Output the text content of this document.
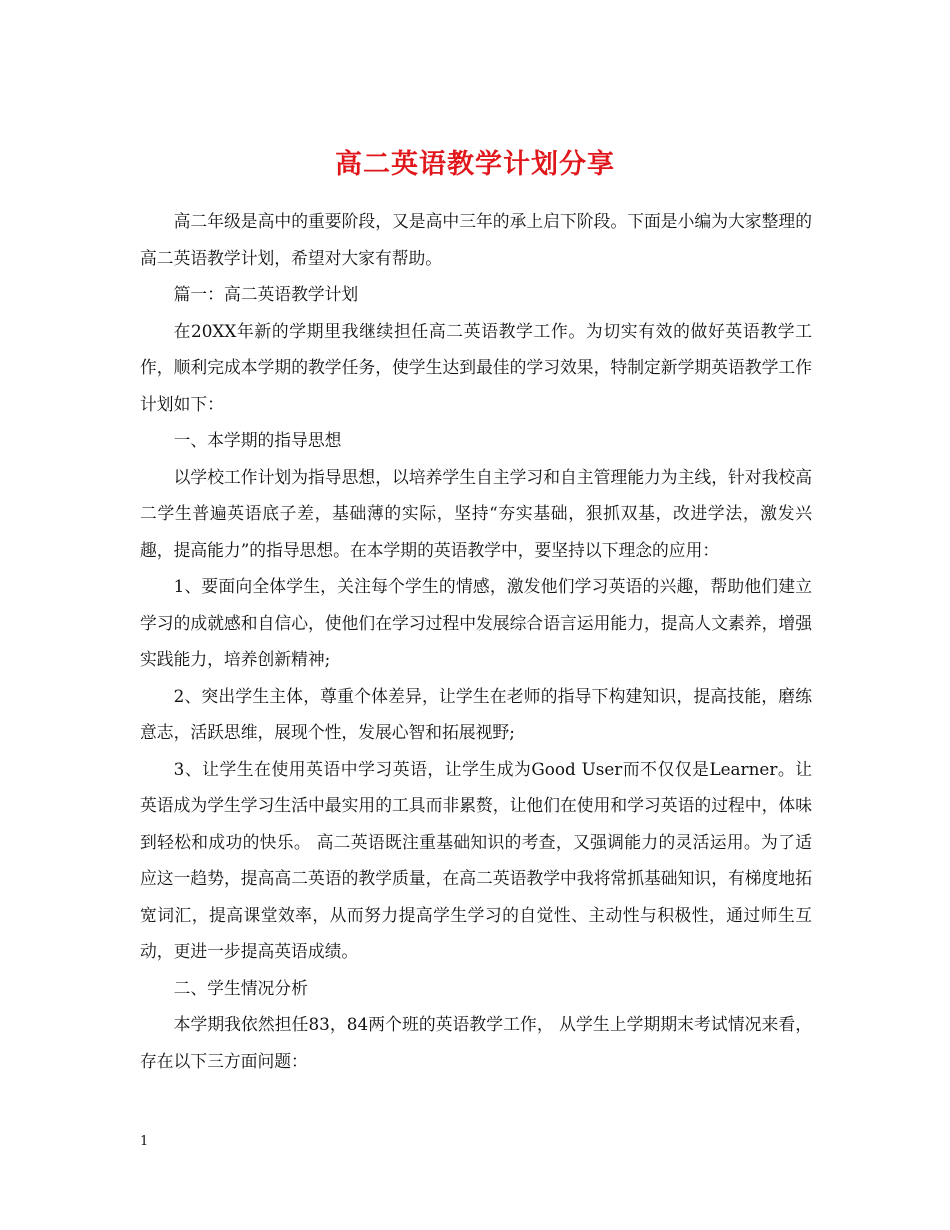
高二英语教学计划分享

高二年级是高中的重要阶段，又是高中三年的承上启下阶段。下面是小编为大家整理的高二英语教学计划，希望对大家有帮助。

篇一：高二英语教学计划

在20XX年新的学期里我继续担任高二英语教学工作。为切实有效的做好英语教学工作，顺利完成本学期的教学任务，使学生达到最佳的学习效果，特制定新学期英语教学工作计划如下：

一、本学期的指导思想

以学校工作计划为指导思想，以培养学生自主学习和自主管理能力为主线，针对我校高二学生普遍英语底子差，基础薄的实际，坚持“夯实基础，狠抓双基，改进学法，激发兴趣，提高能力”的指导思想。在本学期的英语教学中，要坚持以下理念的应用：

1、要面向全体学生，关注每个学生的情感，激发他们学习英语的兴趣，帮助他们建立学习的成就感和自信心，使他们在学习过程中发展综合语言运用能力，提高人文素养，增强实践能力，培养创新精神;

2、突出学生主体，尊重个体差异，让学生在老师的指导下构建知识，提高技能，磨练意志，活跃思维，展现个性，发展心智和拓展视野;

3、让学生在使用英语中学习英语，让学生成为Good User而不仅仅是Learner。让英语成为学生学习生活中最实用的工具而非累赘，让他们在使用和学习英语的过程中，体味到轻松和成功的快乐。 高二英语既注重基础知识的考查，又强调能力的灵活运用。为了适应这一趋势，提高高二英语的教学质量，在高二英语教学中我将常抓基础知识，有梯度地拓宽词汇，提高课堂效率，从而努力提高学生学习的自觉性、主动性与积极性，通过师生互动，更进一步提高英语成绩。

二、学生情况分析

本学期我依然担任83，84两个班的英语教学工作， 从学生上学期期末考试情况来看，存在以下三方面问题：

1
